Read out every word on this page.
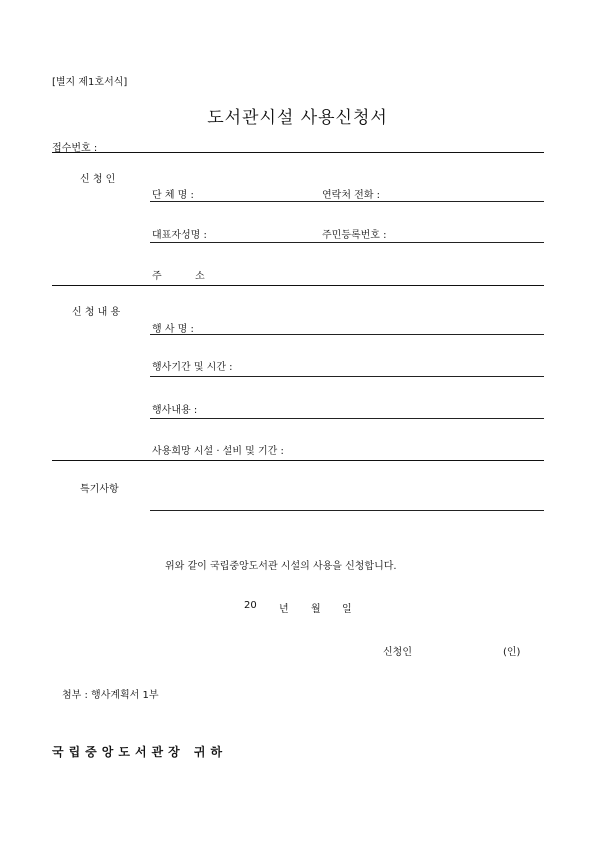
[별지 제1호서식]
도서관시설 사용신청서
접수번호 :
신 청 인
단 체 명 :	연락처 전화 :
대표자성명 :	주민등록번호 :
주	소
신 청 내 용
행 사 명 :
행사기간 및 시간 :
행사내용 :
사용희망 시설 · 설비 및 기간 :
특기사항
위와 같이 국립중앙도서관 시설의 사용을 신청합니다.
20 년 월 일
신청인	(인)
첨부 : 행사계획서 1부
국립중앙도서관장 귀하
